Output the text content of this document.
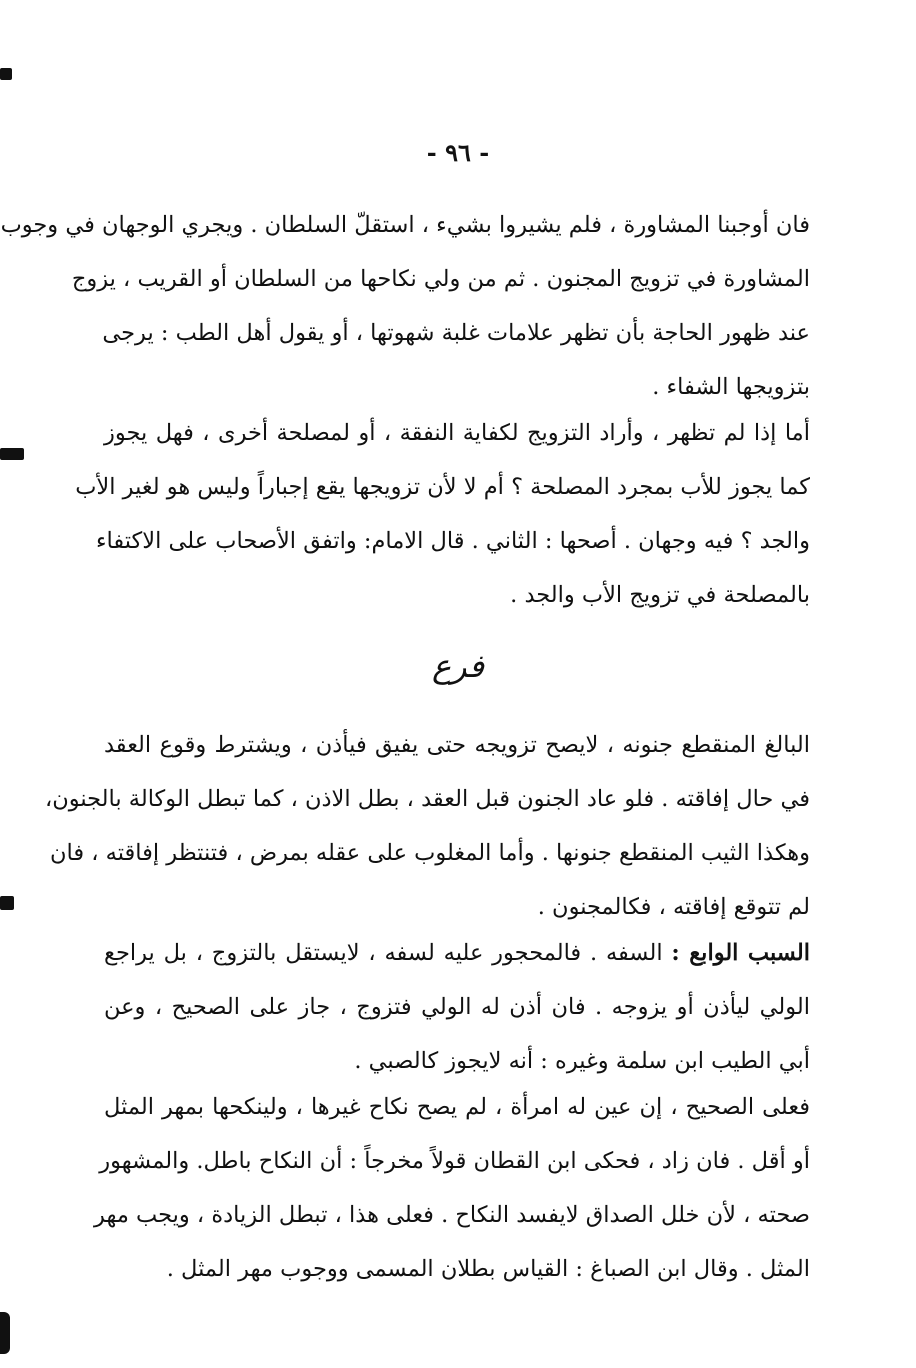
- ٩٦ -
فان أوجبنا المشاورة ، فلم يشيروا بشيء ، استقلّ السلطان . ويجري الوجهان في وجوب
المشاورة في تزويج المجنون . ثم من ولي نكاحها من السلطان أو القريب ، يزوج
عند ظهور الحاجة بأن تظهر علامات غلبة شهوتها ، أو يقول أهل الطب : يرجى
بتزويجها الشفاء .
أما إذا لم تظهر ، وأراد التزويج لكفاية النفقة ، أو لمصلحة أخرى ، فهل يجوز
كما يجوز للأب بمجرد المصلحة ؟ أم لا لأن تزويجها يقع إجباراً وليس هو لغير الأب
والجد ؟ فيه وجهان . أصحها : الثاني . قال الامام: واتفق الأصحاب على الاكتفاء
بالمصلحة في تزويج الأب والجد .
فرع
البالغ المنقطع جنونه ، لايصح تزويجه حتى يفيق فيأذن ، ويشترط وقوع العقد
في حال إفاقته . فلو عاد الجنون قبل العقد ، بطل الاذن ، كما تبطل الوكالة بالجنون،
وهكذا الثيب المنقطع جنونها . وأما المغلوب على عقله بمرض ، فتنتظر إفاقته ، فان
لم تتوقع إفاقته ، فكالمجنون .
السبب الوابع : السفه . فالمحجور عليه لسفه ، لايستقل بالتزوج ، بل يراجع
الولي ليأذن أو يزوجه . فان أذن له الولي فتزوج ، جاز على الصحيح ، وعن
أبي الطيب ابن سلمة وغيره : أنه لايجوز كالصبي .
فعلى الصحيح ، إن عين له امرأة ، لم يصح نكاح غيرها ، ولينكحها بمهر المثل
أو أقل . فان زاد ، فحكى ابن القطان قولاً مخرجاً : أن النكاح باطل. والمشهور
صحته ، لأن خلل الصداق لايفسد النكاح . فعلى هذا ، تبطل الزيادة ، ويجب مهر
المثل . وقال ابن الصباغ : القياس بطلان المسمى ووجوب مهر المثل .
